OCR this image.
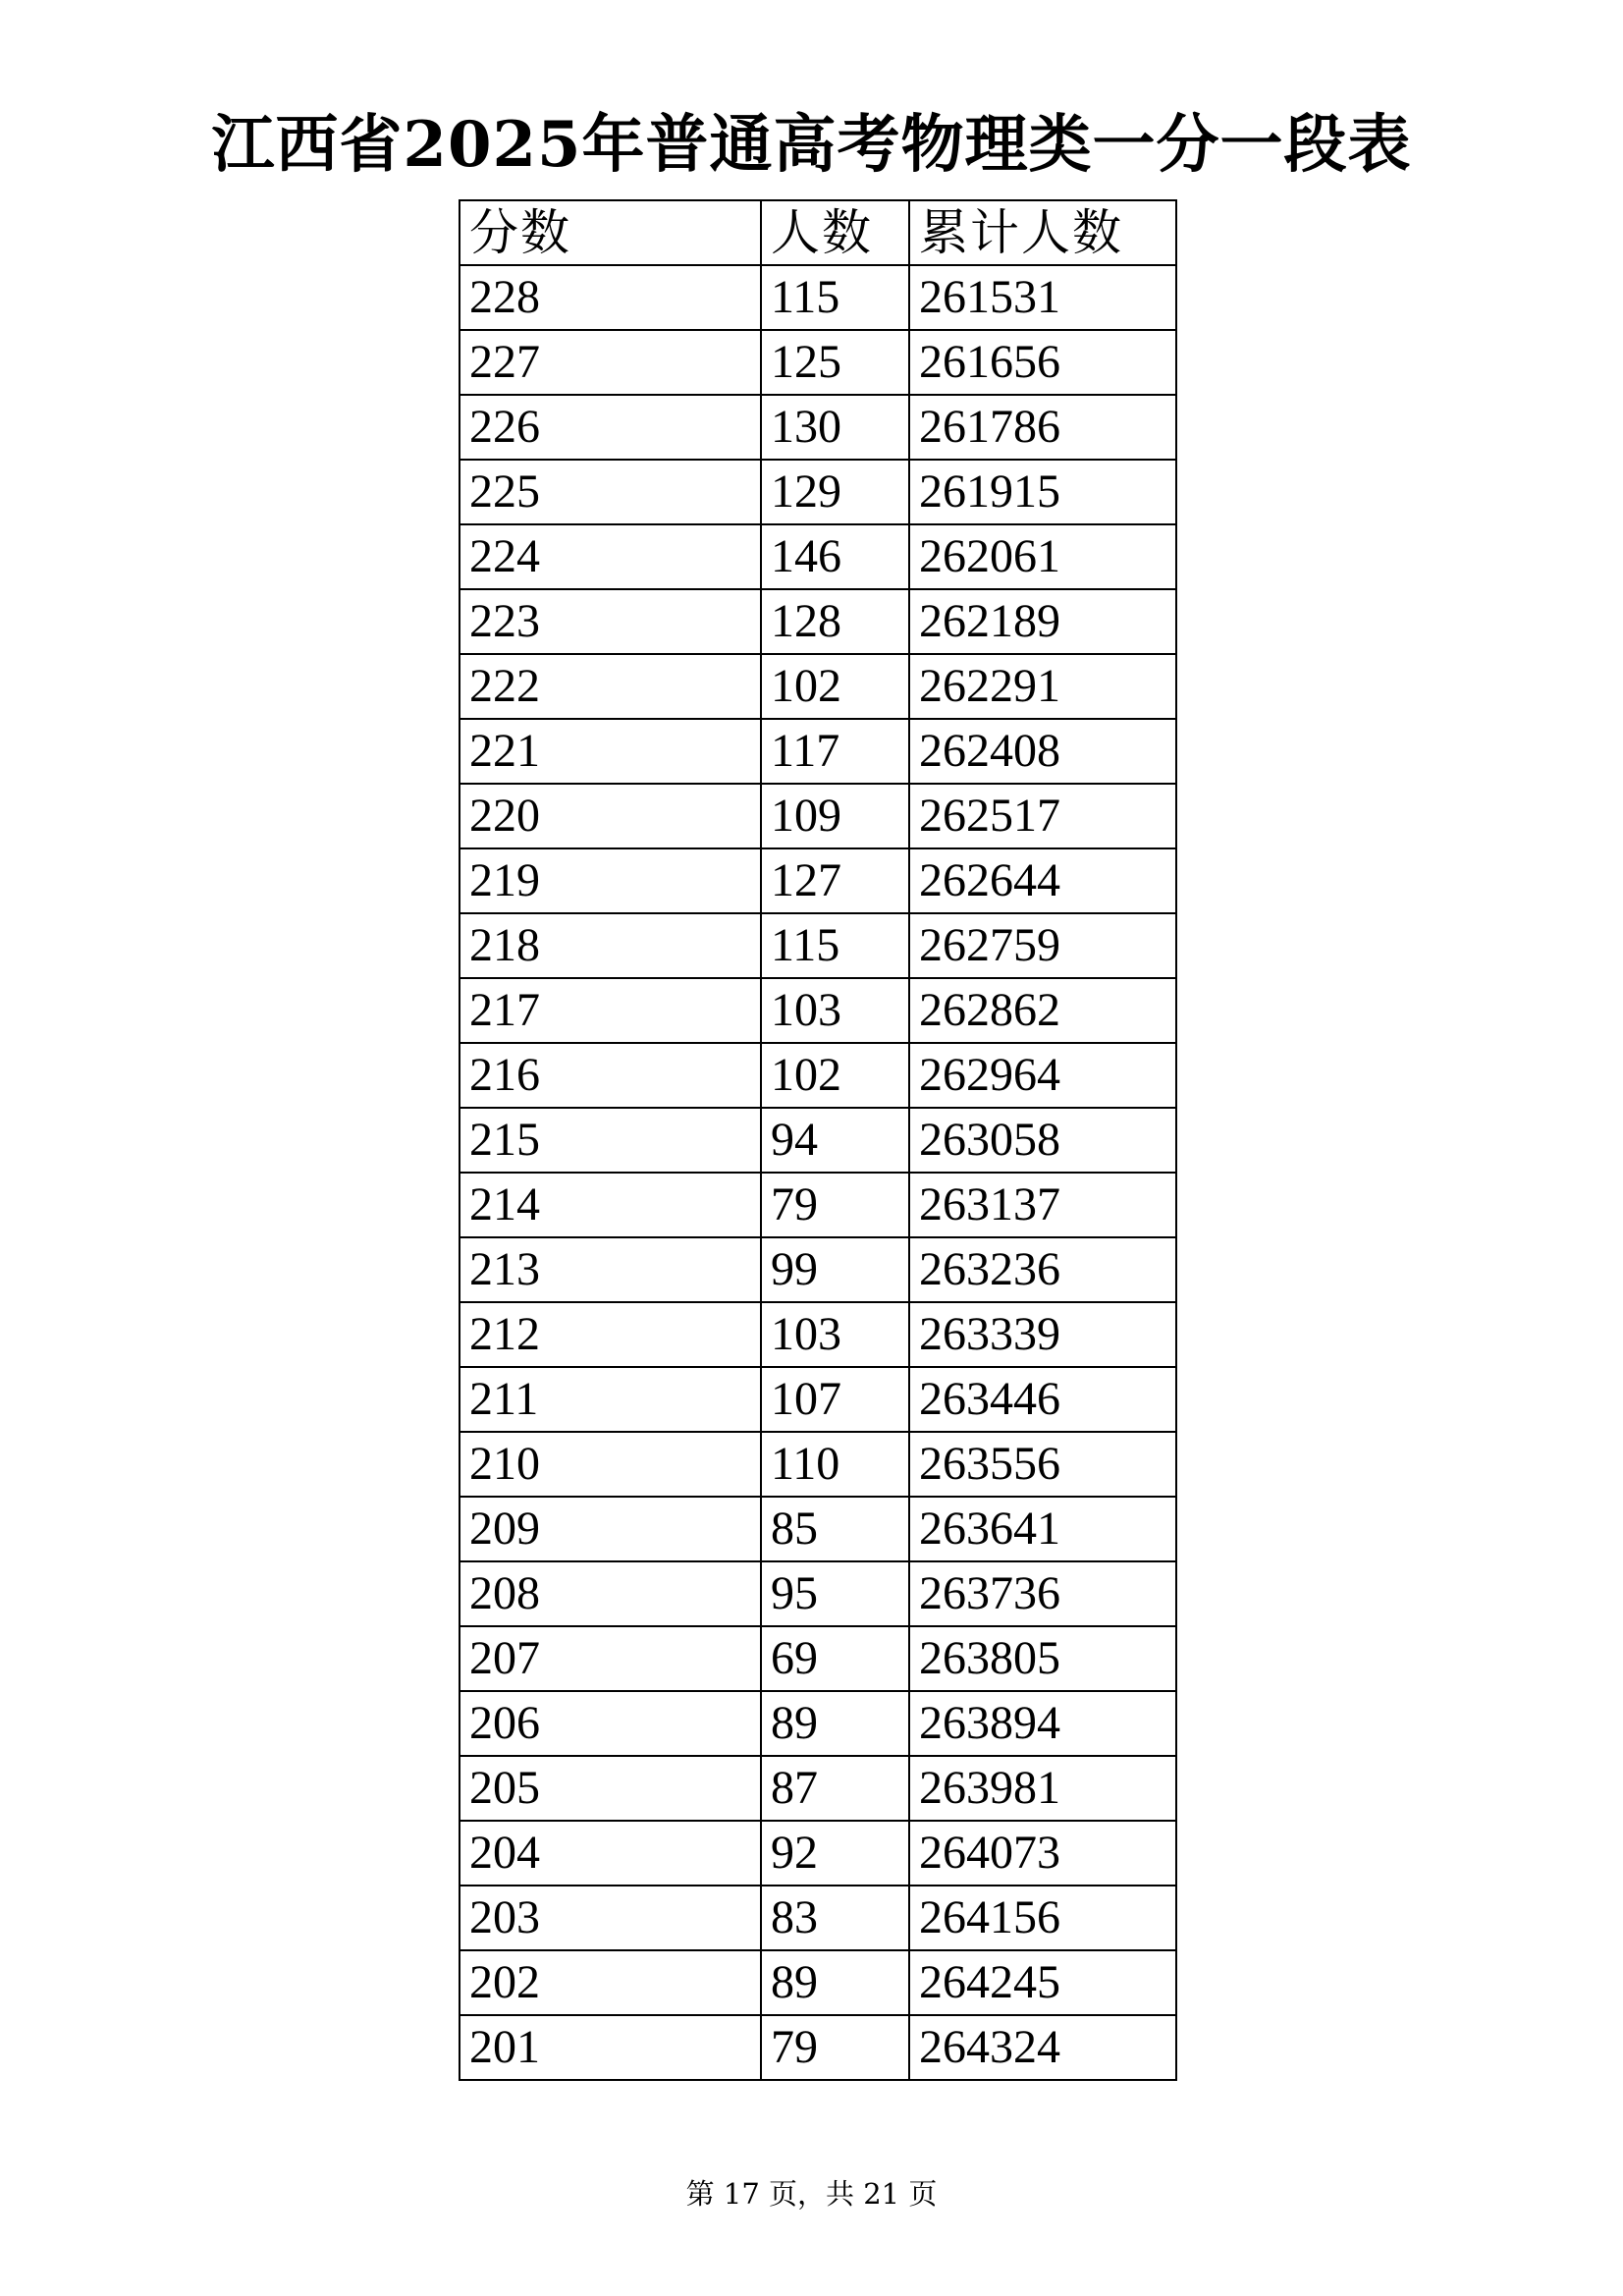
江西省2025年普通高考物理类一分一段表
分数	人数	累计人数
228	115	261531
227	125	261656
226	130	261786
225	129	261915
224	146	262061
223	128	262189
222	102	262291
221	117	262408
220	109	262517
219	127	262644
218	115	262759
217	103	262862
216	102	262964
215	94	263058
214	79	263137
213	99	263236
212	103	263339
211	107	263446
210	110	263556
209	85	263641
208	95	263736
207	69	263805
206	89	263894
205	87	263981
204	92	264073
203	83	264156
202	89	264245
201	79	264324
第 17 页，共 21 页
